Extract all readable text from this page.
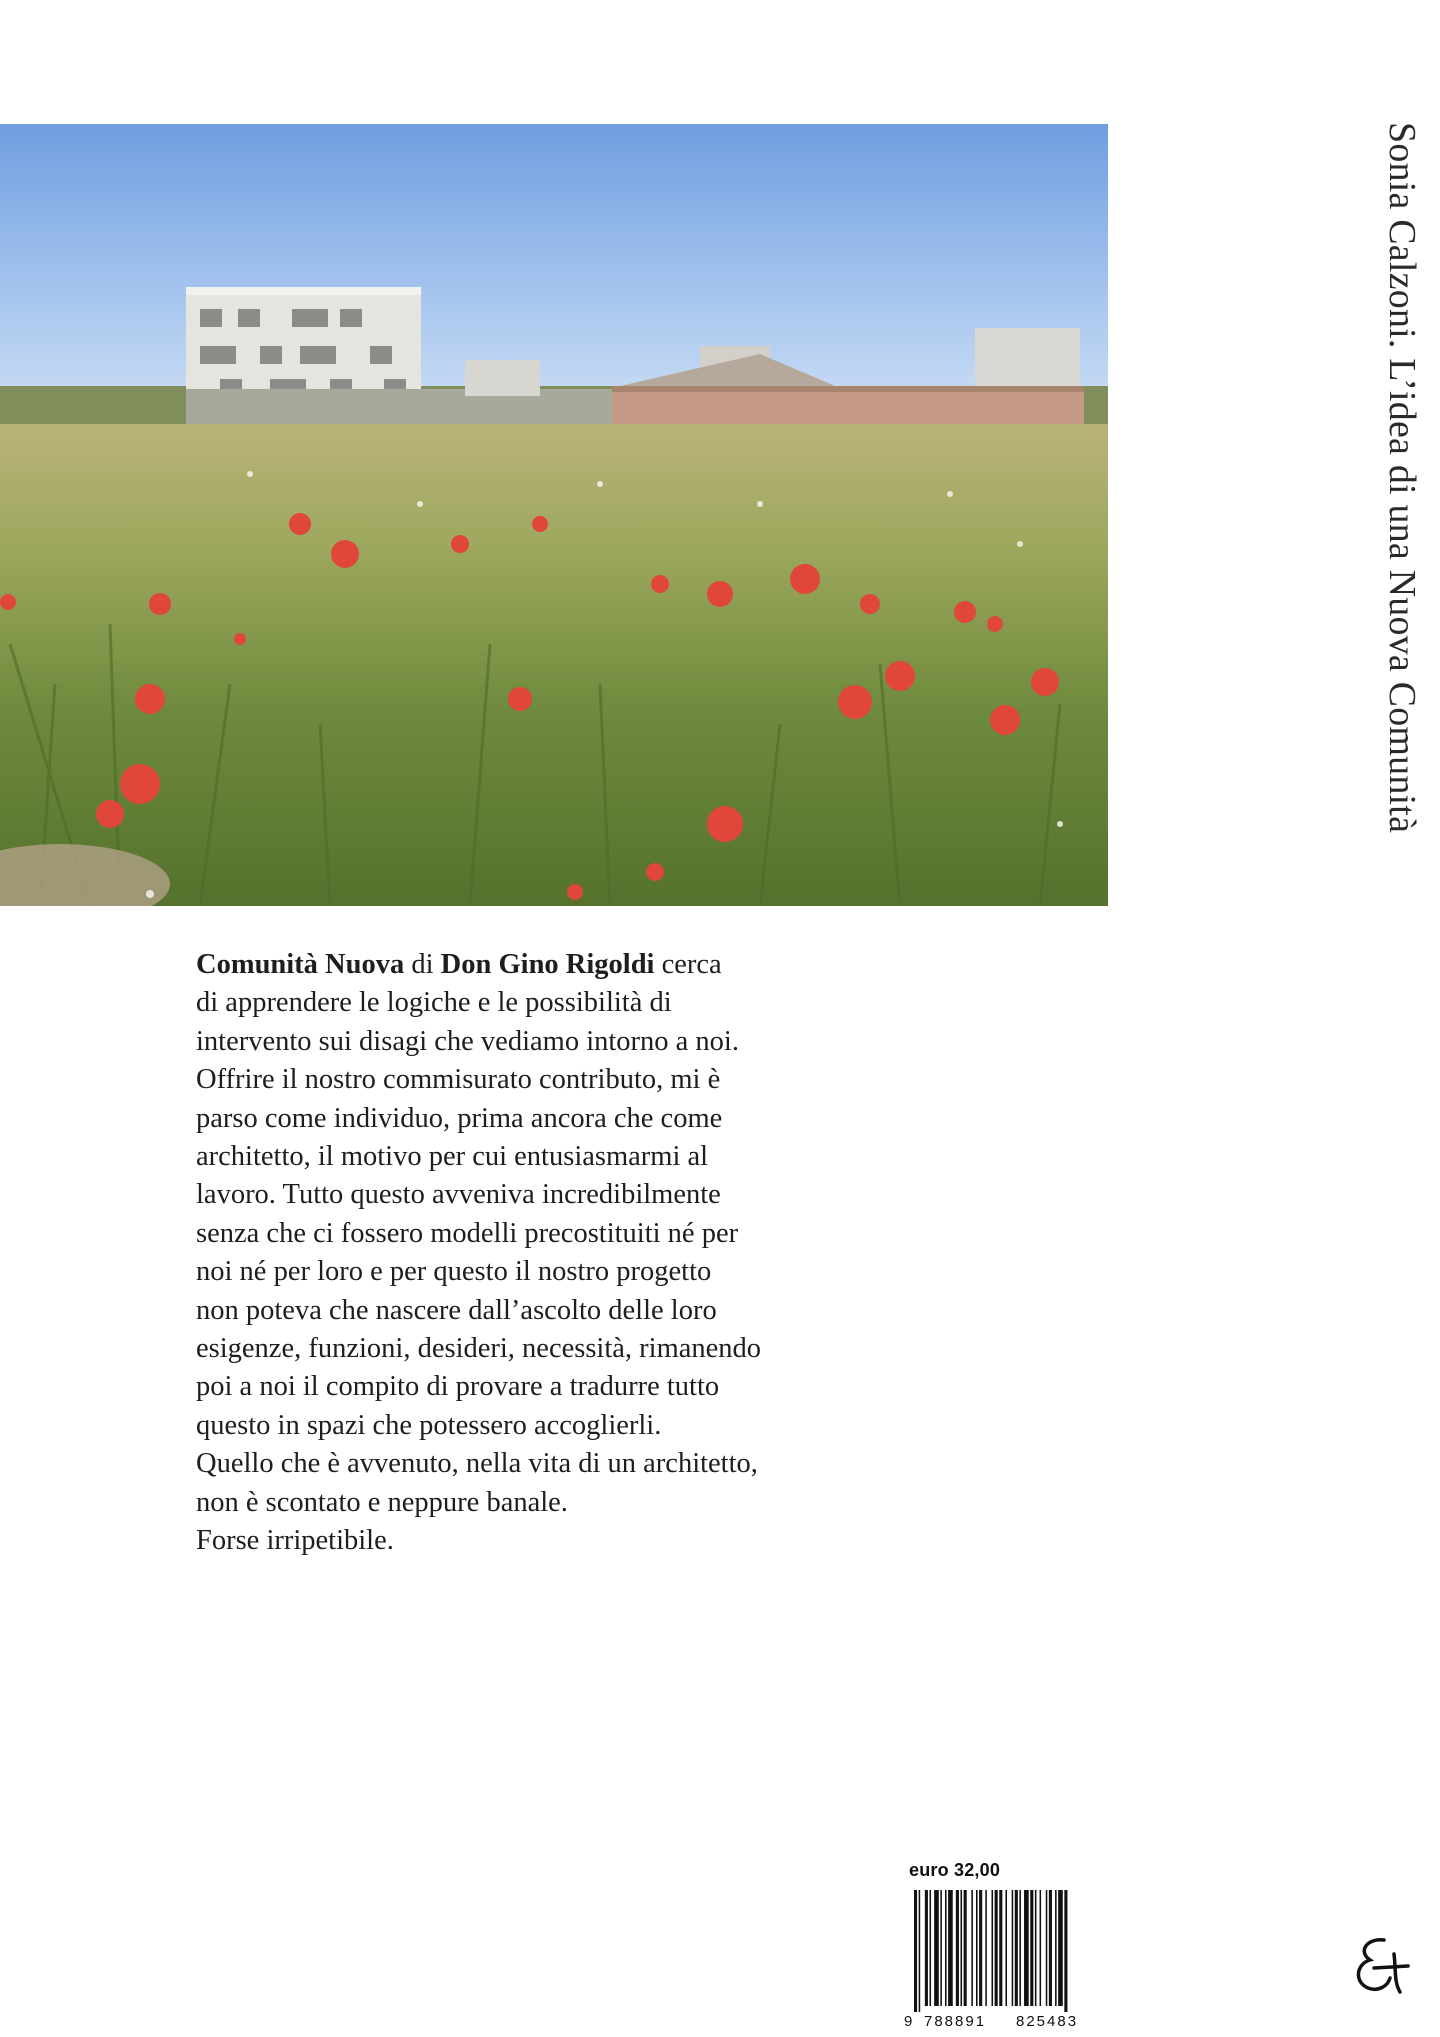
Sonia Calzoni. L’idea di una Nuova Comunità

Comunità Nuova di Don Gino Rigoldi cerca

di apprendere le logiche e le possibilità di

intervento sui disagi che vediamo intorno a noi.

Offrire il nostro commisurato contributo, mi è

parso come individuo, prima ancora che come

architetto, il motivo per cui entusiasmarmi al

lavoro. Tutto questo avveniva incredibilmente

senza che ci fossero modelli precostituiti né per

noi né per loro e per questo il nostro progetto

non poteva che nascere dall’ascolto delle loro

esigenze, funzioni, desideri, necessità, rimanendo

poi a noi il compito di provare a tradurre tutto

questo in spazi che potessero accoglierli.

Quello che è avvenuto, nella vita di un architetto,

non è scontato e neppure banale.

Forse irripetibile.

euro 32,00
9 788891 825483
